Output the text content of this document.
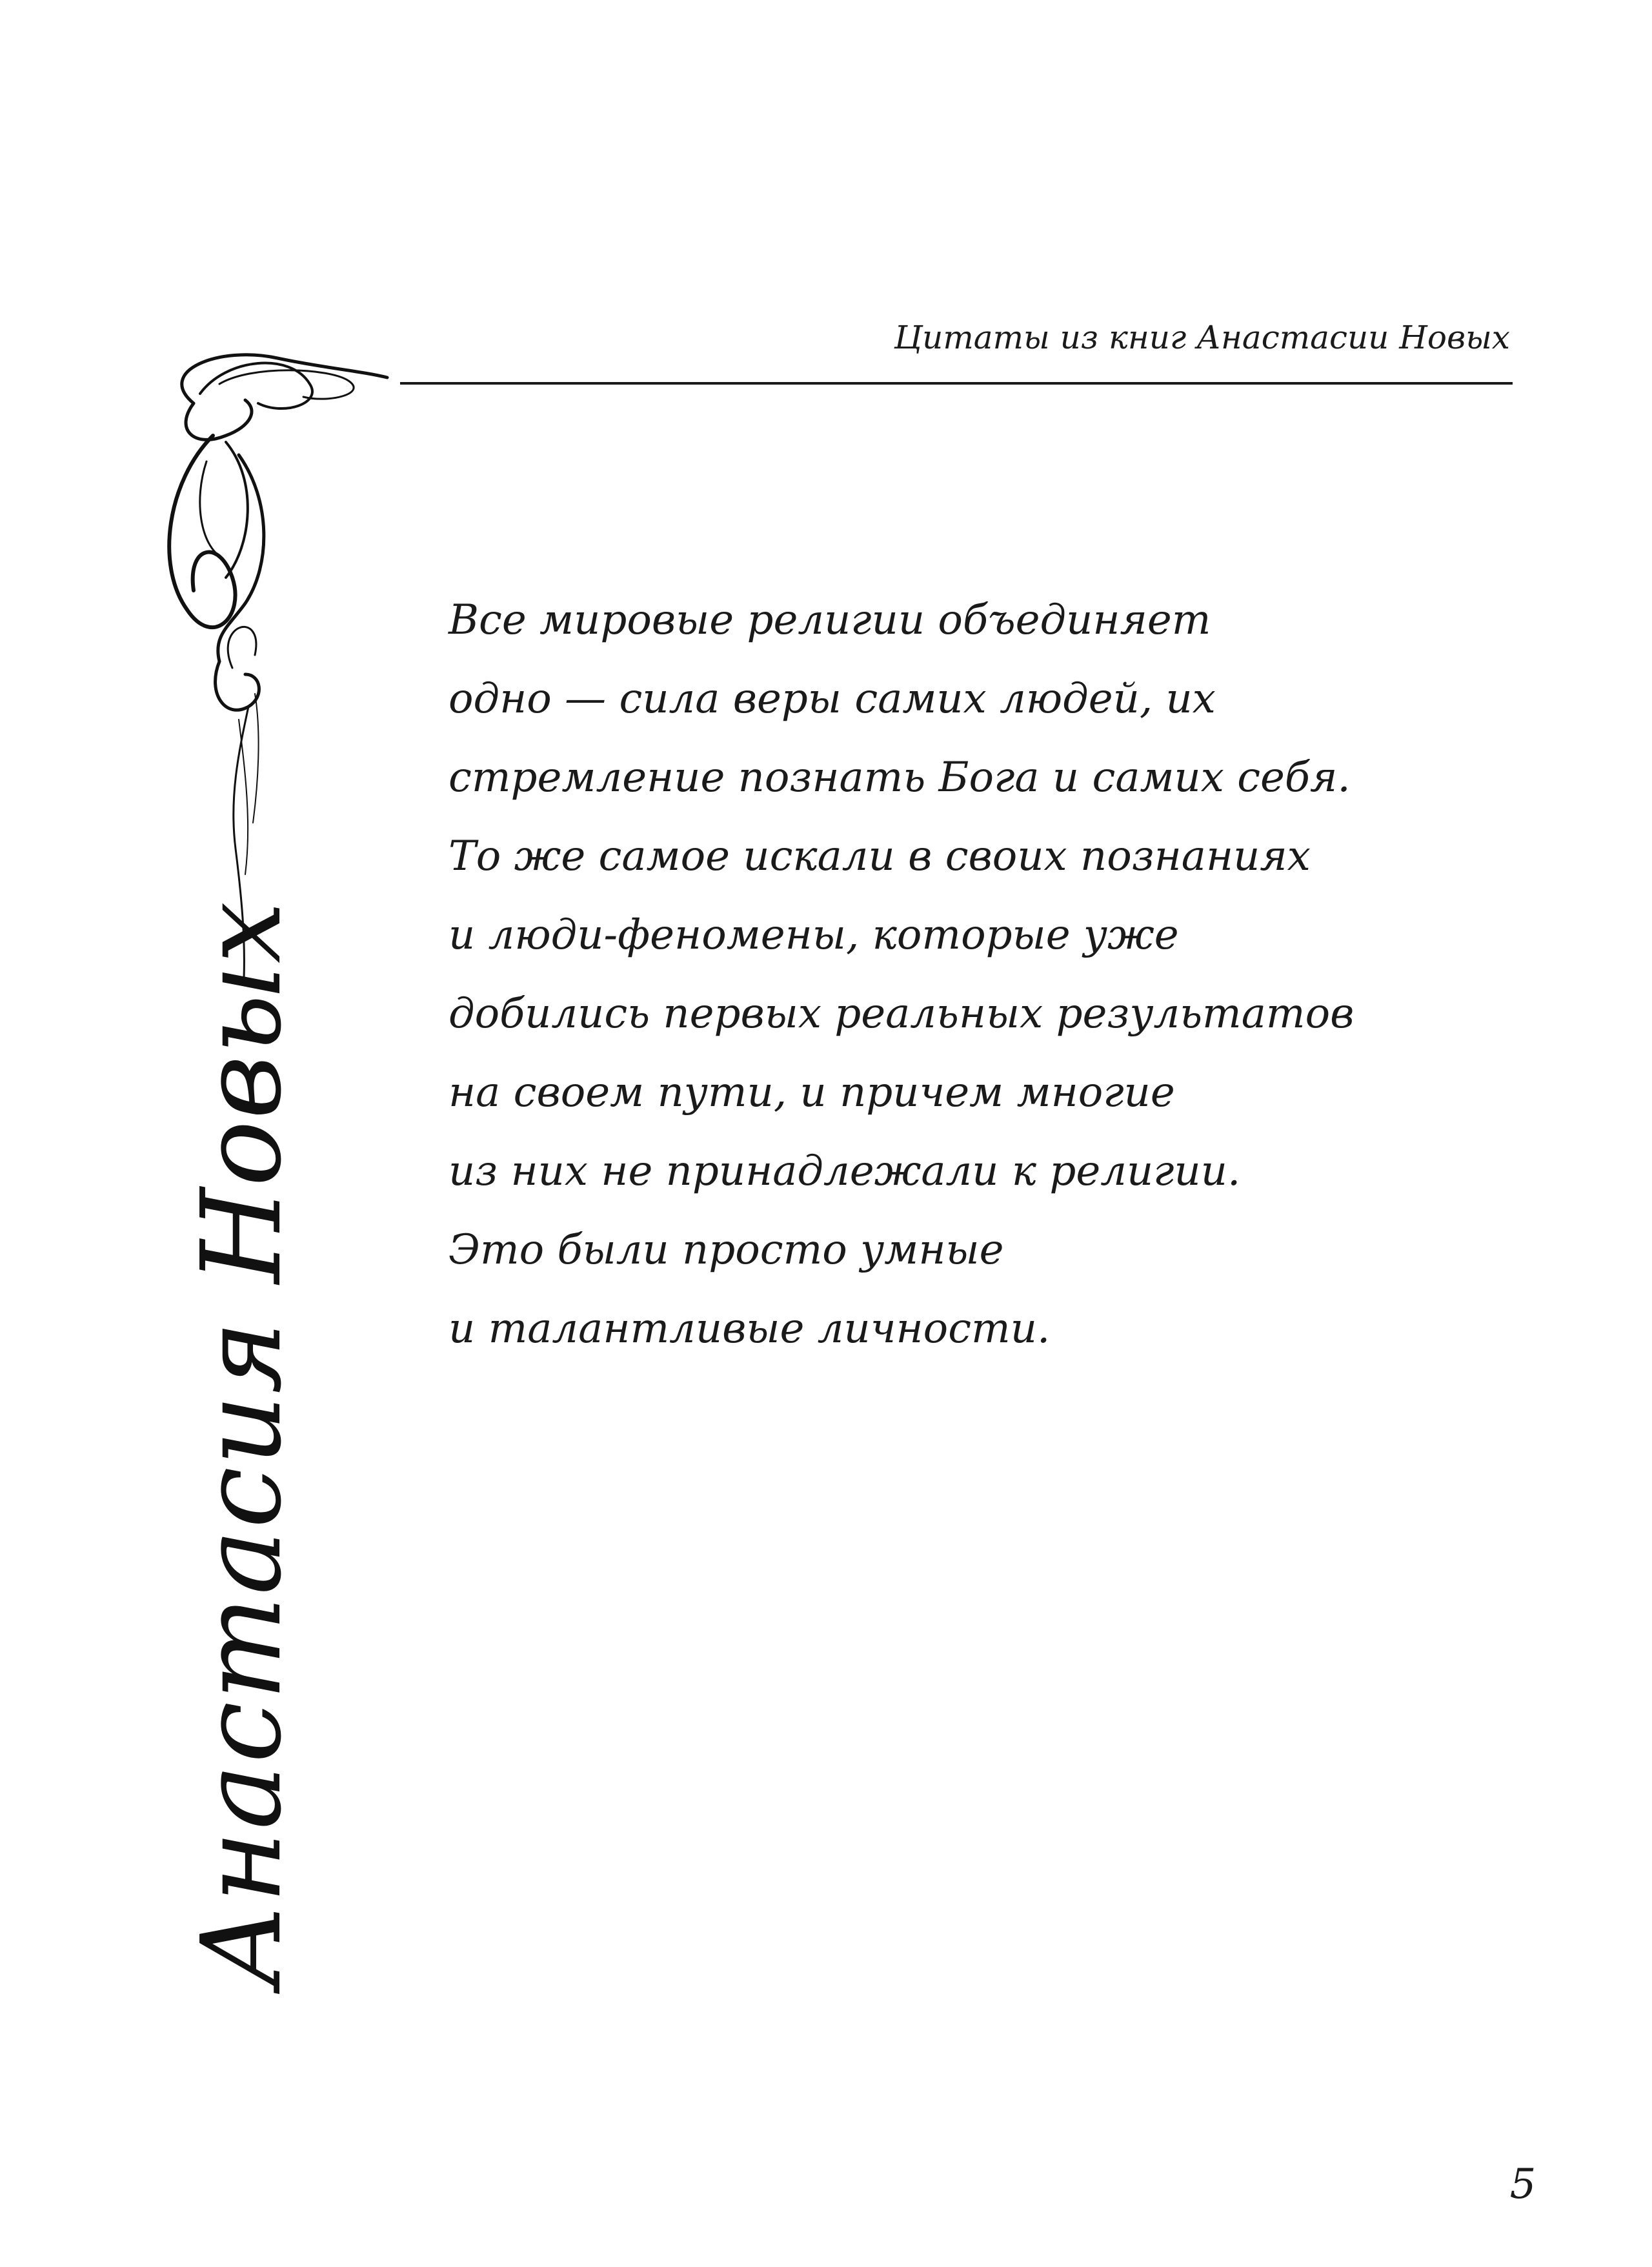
Цитаты из книг Анастасии Новых
Анастасия Новых
Все мировые религии объединяет
одно — сила веры самих людей, их
стремление познать Бога и самих себя.
То же самое искали в своих познаниях
и люди-феномены, которые уже
добились первых реальных результатов
на своем пути, и причем многие
из них не принадлежали к религии.
Это были просто умные
и талантливые личности.
5
